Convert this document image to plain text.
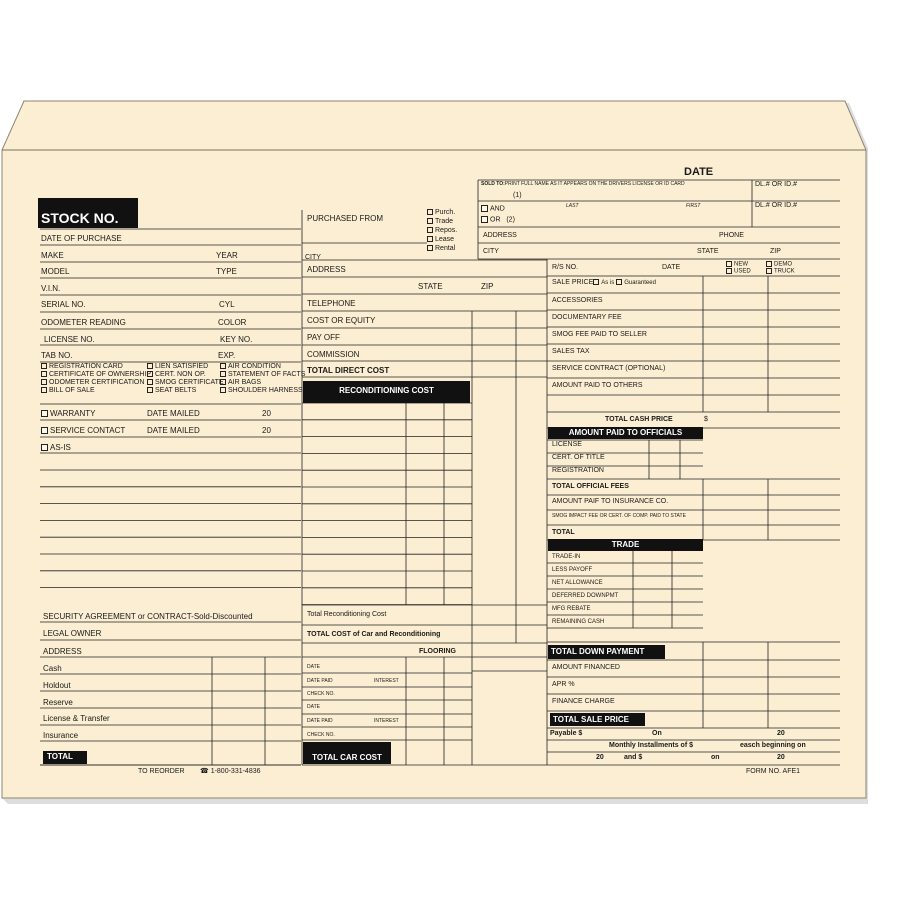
DATE
STOCK NO.
SOLD TO:PRINT FULL NAME AS IT APPEARS ON THE DRIVERS LICENSE OR ID CARD
(1)
LAST	FIRST
AND
OR (2)
DL.# OR ID.#
DL.# OR ID.#
ADDRESS	PHONE
CITY	STATE	ZIP
Purch.
Trade
Repos.
Lease
Rental
DATE OF PURCHASE
MAKE	YEAR
MODEL	TYPE
V.I.N.
SERIAL NO.	CYL
ODOMETER READING	COLOR
LICENSE NO.	KEY NO.
TAB NO.	EXP.
REGISTRATION CARD
CERTIFICATE OF OWNERSHIP
ODOMETER CERTIFICATION
BILL OF SALE
LIEN SATISFIED
CERT. NON OP.
SMOG CERTIFICATE
SEAT BELTS
AIR CONDITION
STATEMENT OF FACTS
AIR BAGS
SHOULDER HARNESS
WARRANTY	DATE MAILED	20
SERVICE CONTACT	DATE MAILED	20
AS-IS
SECURITY AGREEMENT or CONTRACT-Sold-Discounted
LEGAL OWNER
ADDRESS
Cash
Holdout
Reserve
License & Transfer
Insurance
TOTAL
PURCHASED FROM
CITY
ADDRESS
STATE	ZIP
TELEPHONE
COST OR EQUITY
PAY OFF
COMMISSION
TOTAL DIRECT COST
RECONDITIONING COST
Total Reconditioning Cost
TOTAL COST of Car and Reconditioning
FLOORING
DATE
DATE PAID	INTEREST
CHECK NO.
DATE
DATE PAID	INTEREST
CHECK NO.
TOTAL CAR COST
R/S NO.	DATE	NEW
USED
DEMO
TRUCK
SALE PRICE As is Guaranteed
ACCESSORIES
DOCUMENTARY FEE
SMOG FEE PAID TO SELLER
SALES TAX
SERVICE CONTRACT (OPTIONAL)
AMOUNT PAID TO OTHERS
TOTAL CASH PRICE	$
AMOUNT PAID TO OFFICIALS
LICENSE
CERT. OF TITLE
REGISTRATION
TOTAL OFFICIAL FEES
AMOUNT PAIF TO INSURANCE CO.
SMOG IMPACT FEE OR CERT. OF COMP. PAID TO STATE
TOTAL
TRADE
TRADE-IN
LESS PAYOFF
NET ALLOWANCE
DEFERRED DOWNPMT
MFG REBATE
REMAINING CASH
TOTAL DOWN PAYMENT
AMOUNT FINANCED
APR %
FINANCE CHARGE
TOTAL SALE PRICE
Payable $	On	20
Monthly Installments of $	easch beginning on
20	and $	on	20
TO REORDER ☎ 1-800-331-4836	FORM NO. AFE1
